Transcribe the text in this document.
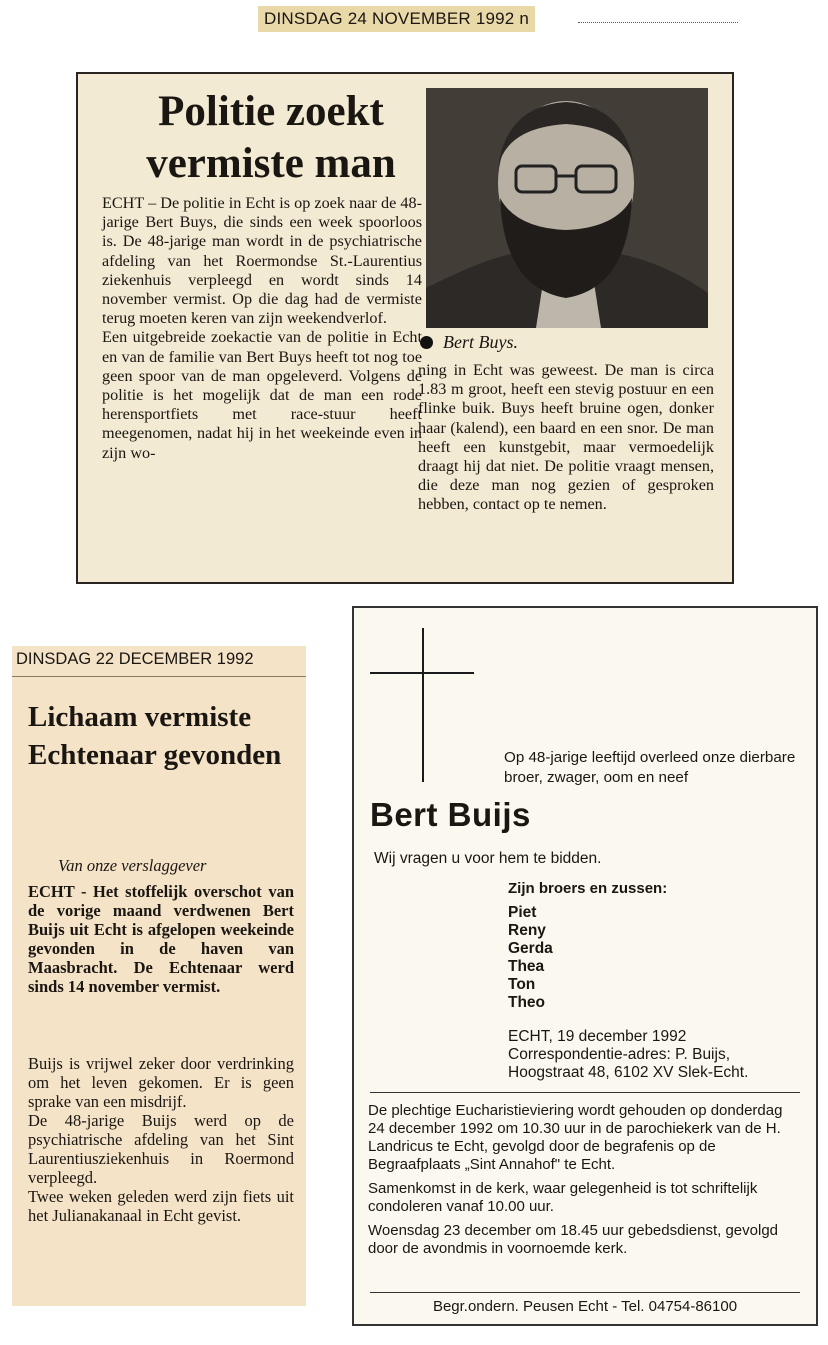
DINSDAG 24 NOVEMBER 1992 n
Politie zoekt vermiste man
Bert Buys.

ECHT – De politie in Echt is op zoek naar de 48-jarige Bert Buys, die sinds een week spoorloos is. De 48-jarige man wordt in de psychiatrische afdeling van het Roermondse St.-Laurentius ziekenhuis verpleegd en wordt sinds 14 november vermist. Op die dag had de vermiste terug moeten keren van zijn weekendverlof.

Een uitgebreide zoekactie van de politie in Echt en van de familie van Bert Buys heeft tot nog toe geen spoor van de man opgeleverd. Volgens de politie is het mogelijk dat de man een rode herensportfiets met race-stuur heeft meegenomen, nadat hij in het weekeinde even in zijn wo-

ning in Echt was geweest. De man is circa 1.83 m groot, heeft een stevig postuur en een flinke buik. Buys heeft bruine ogen, donker haar (kalend), een baard en een snor. De man heeft een kunstgebit, maar vermoedelijk draagt hij dat niet. De politie vraagt mensen, die deze man nog gezien of gesproken hebben, contact op te nemen.

DINSDAG 22 DECEMBER 1992
Lichaam vermiste Echtenaar gevonden
Van onze verslaggever

ECHT - Het stoffelijk overschot van de vorige maand verdwenen Bert Buijs uit Echt is afgelopen weekeinde gevonden in de haven van Maasbracht. De Echtenaar werd sinds 14 november vermist.

Buijs is vrijwel zeker door verdrinking om het leven gekomen. Er is geen sprake van een misdrijf.

De 48-jarige Buijs werd op de psychiatrische afdeling van het Sint Laurentiusziekenhuis in Roermond verpleegd.

Twee weken geleden werd zijn fiets uit het Julianakanaal in Echt gevist.

Op 48-jarige leeftijd overleed onze dierbare broer, zwager, oom en neef
Bert Buijs
Wij vragen u voor hem te bidden.
Zijn broers en zussen:
Piet
Reny
Gerda
Thea
Ton
Theo
ECHT, 19 december 1992
Correspondentie-adres: P. Buijs,
Hoogstraat 48, 6102 XV Slek-Echt.

De plechtige Eucharistieviering wordt gehouden op donderdag 24 december 1992 om 10.30 uur in de parochiekerk van de H. Landricus te Echt, gevolgd door de begrafenis op de Begraafplaats „Sint Annahof" te Echt.

Samenkomst in de kerk, waar gelegenheid is tot schriftelijk condoleren vanaf 10.00 uur.

Woensdag 23 december om 18.45 uur gebedsdienst, gevolgd door de avondmis in voornoemde kerk.

Begr.ondern. Peusen Echt - Tel. 04754-86100
